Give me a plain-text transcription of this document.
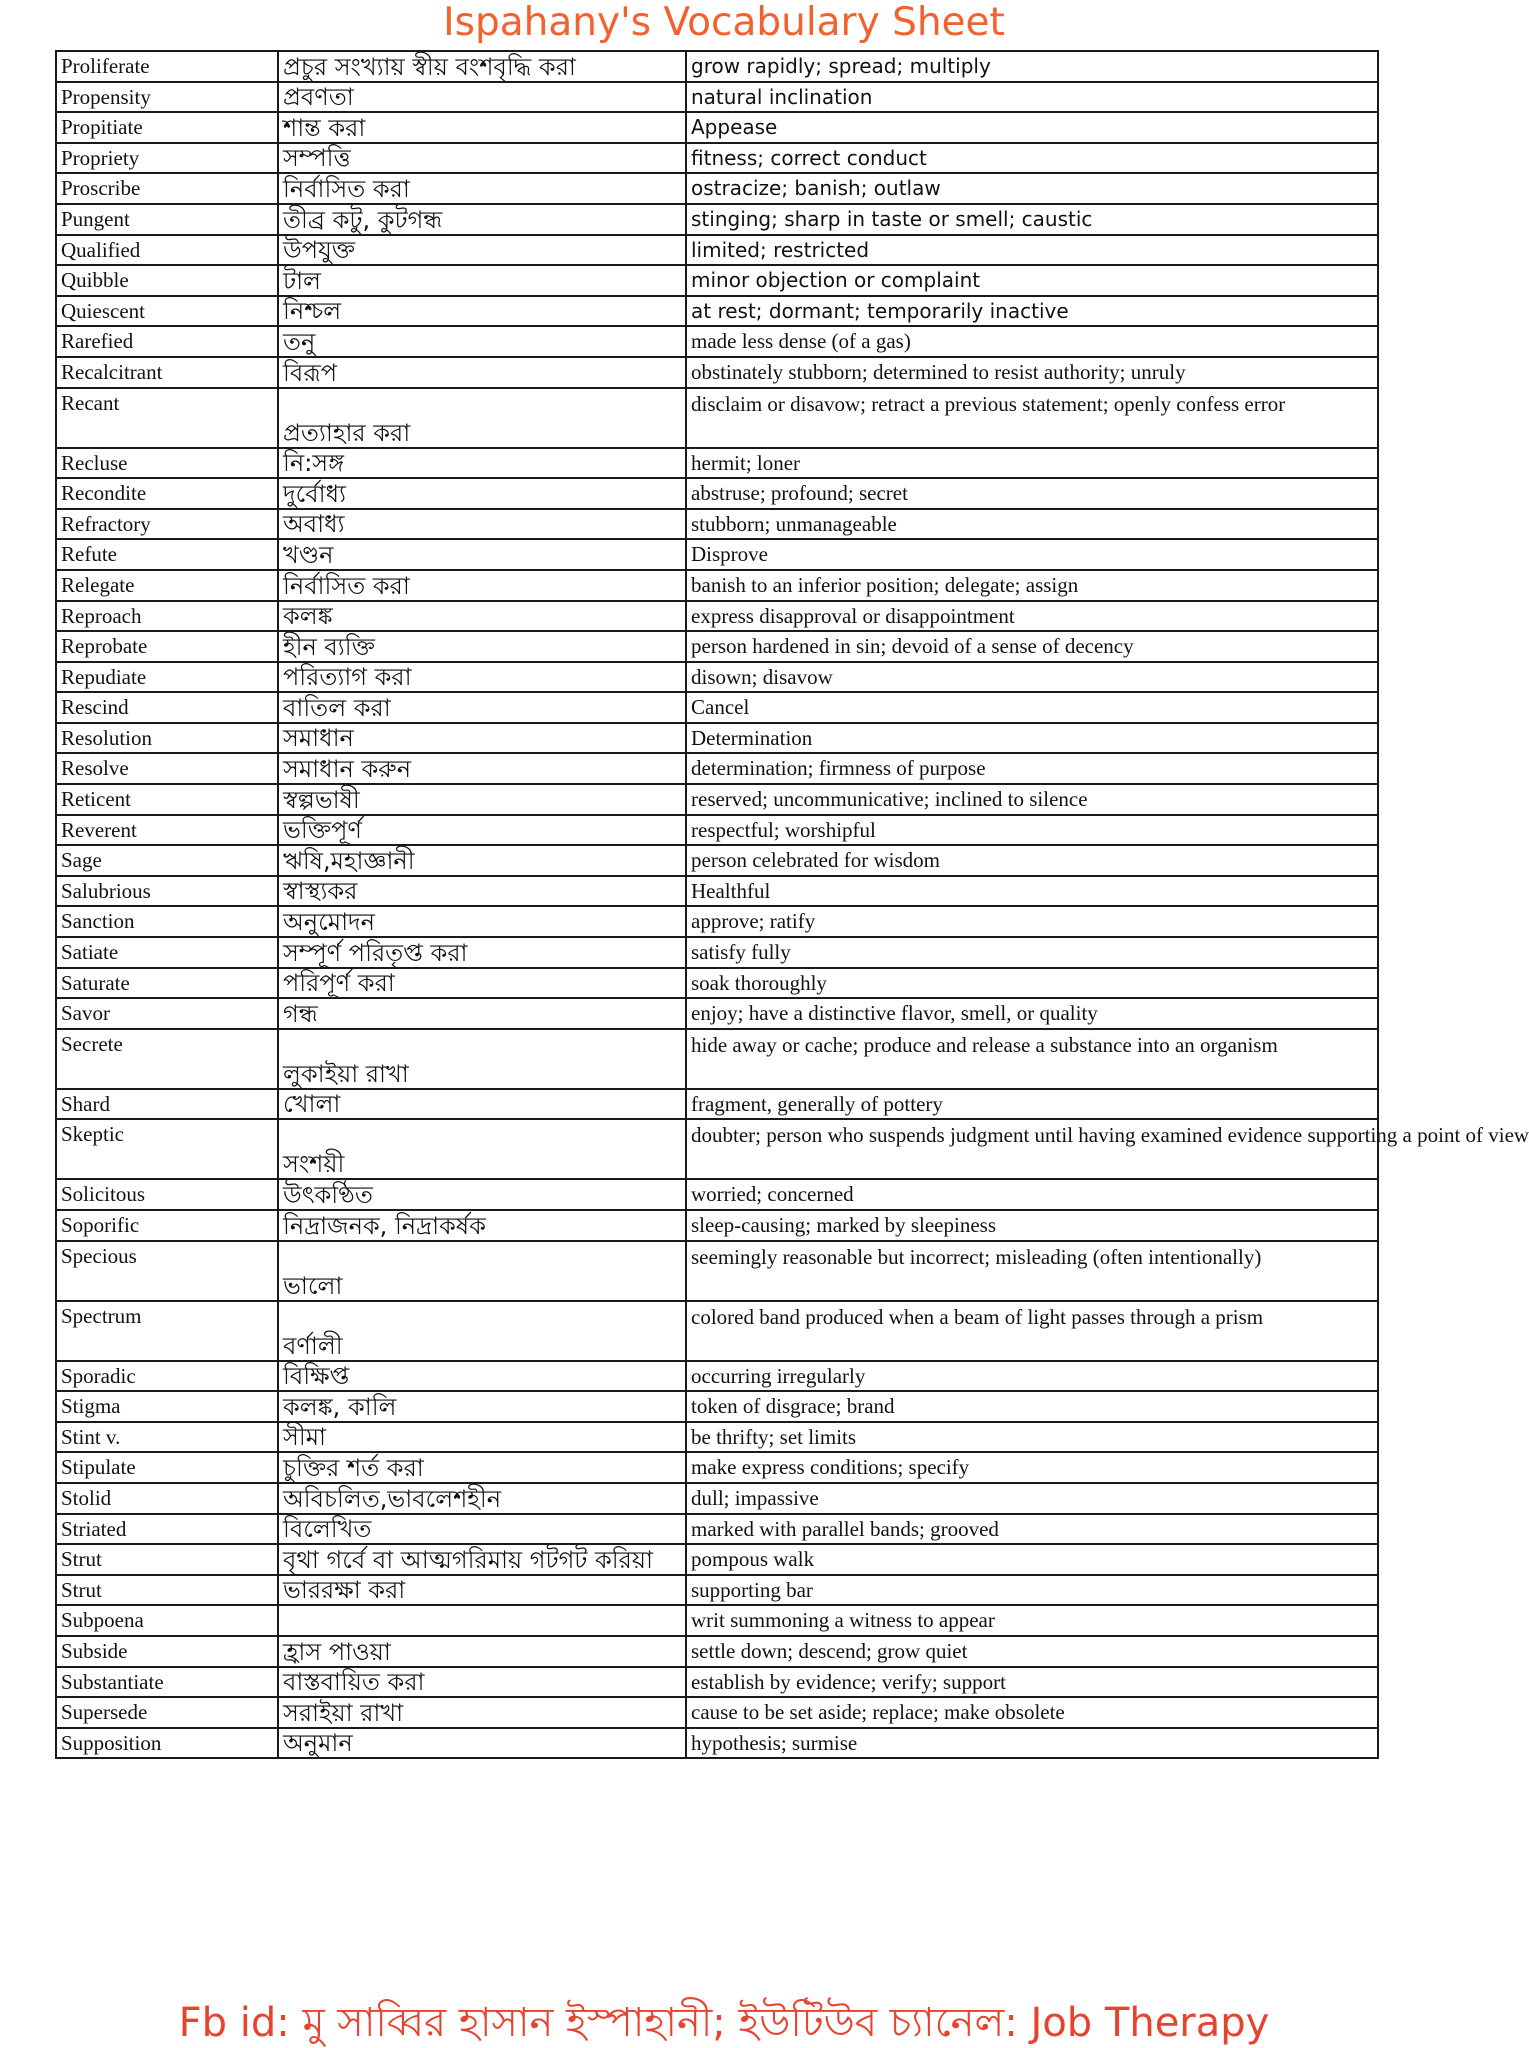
Ispahany's Vocabulary Sheet
Proliferate	প্রচুর সংখ্যায় স্বীয় বংশবৃদ্ধি করা	grow rapidly; spread; multiply
Propensity	প্রবণতা	natural inclination
Propitiate	শান্ত করা	Appease
Propriety	সম্পত্তি	fitness; correct conduct
Proscribe	নির্বাসিত করা	ostracize; banish; outlaw
Pungent	তীব্র কটু, কুটগন্ধ	stinging; sharp in taste or smell; caustic
Qualified	উপযুক্ত	limited; restricted
Quibble	টাল	minor objection or complaint
Quiescent	নিশ্চল	at rest; dormant; temporarily inactive
Rarefied	তনু	made less dense (of a gas)
Recalcitrant	বিরূপ	obstinately stubborn; determined to resist authority; unruly
Recant	প্রত্যাহার করা	disclaim or disavow; retract a previous statement; openly confess error
Recluse	নি:সঙ্গ	hermit; loner
Recondite	দুর্বোধ্য	abstruse; profound; secret
Refractory	অবাধ্য	stubborn; unmanageable
Refute	খণ্ডন	Disprove
Relegate	নির্বাসিত করা	banish to an inferior position; delegate; assign
Reproach	কলঙ্ক	express disapproval or disappointment
Reprobate	হীন ব্যক্তি	person hardened in sin; devoid of a sense of decency
Repudiate	পরিত্যাগ করা	disown; disavow
Rescind	বাতিল করা	Cancel
Resolution	সমাধান	Determination
Resolve	সমাধান করুন	determination; firmness of purpose
Reticent	স্বল্পভাষী	reserved; uncommunicative; inclined to silence
Reverent	ভক্তিপূর্ণ	respectful; worshipful
Sage	ঋষি,মহাজ্ঞানী	person celebrated for wisdom
Salubrious	স্বাস্থ্যকর	Healthful
Sanction	অনুমোদন	approve; ratify
Satiate	সম্পূর্ণ পরিতৃপ্ত করা	satisfy fully
Saturate	পরিপূর্ণ করা	soak thoroughly
Savor	গন্ধ	enjoy; have a distinctive flavor, smell, or quality
Secrete	লুকাইয়া রাখা	hide away or cache; produce and release a substance into an organism
Shard	খোলা	fragment, generally of pottery
Skeptic	সংশয়ী	doubter; person who suspends judgment until having examined evidence supporting a point of view
Solicitous	উৎকণ্ঠিত	worried; concerned
Soporific	নিদ্রাজনক, নিদ্রাকর্ষক	sleep-causing; marked by sleepiness
Specious	ভালো	seemingly reasonable but incorrect; misleading (often intentionally)
Spectrum	বর্ণালী	colored band produced when a beam of light passes through a prism
Sporadic	বিক্ষিপ্ত	occurring irregularly
Stigma	কলঙ্ক, কালি	token of disgrace; brand
Stint v.	সীমা	be thrifty; set limits
Stipulate	চুক্তির শর্ত করা	make express conditions; specify
Stolid	অবিচলিত,ভাবলেশহীন	dull; impassive
Striated	বিলেখিত	marked with parallel bands; grooved
Strut	বৃথা গর্বে বা আত্মগরিমায় গটগট করিয়া	pompous walk
Strut	ভাররক্ষা করা	supporting bar
Subpoena		writ summoning a witness to appear
Subside	হ্রাস পাওয়া	settle down; descend; grow quiet
Substantiate	বাস্তবায়িত করা	establish by evidence; verify; support
Supersede	সরাইয়া রাখা	cause to be set aside; replace; make obsolete
Supposition	অনুমান	hypothesis; surmise
Fb id: মু সাব্বির হাসান ইস্পাহানী; ইউটিউব চ্যানেল: Job Therapy
